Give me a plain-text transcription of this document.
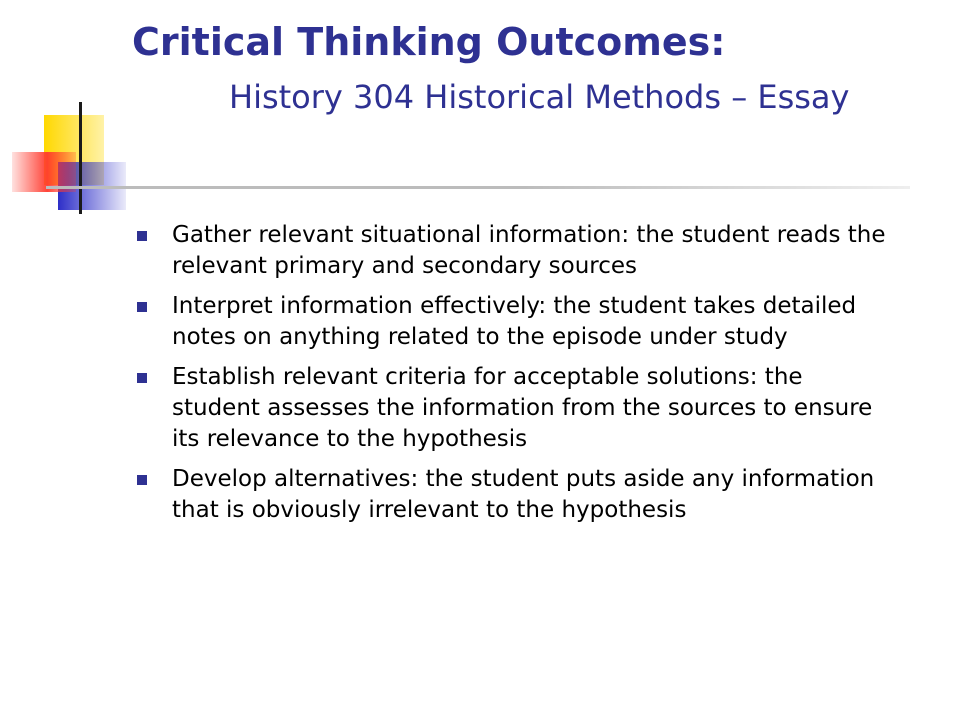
Critical Thinking Outcomes:
History 304 Historical Methods – Essay
Gather relevant situational information: the student reads the relevant primary and secondary sources
Interpret information effectively: the student takes detailed notes on anything related to the episode under study
Establish relevant criteria for acceptable solutions: the student assesses the information from the sources to ensure its relevance to the hypothesis
Develop alternatives: the student puts aside any information that is obviously irrelevant to the hypothesis
